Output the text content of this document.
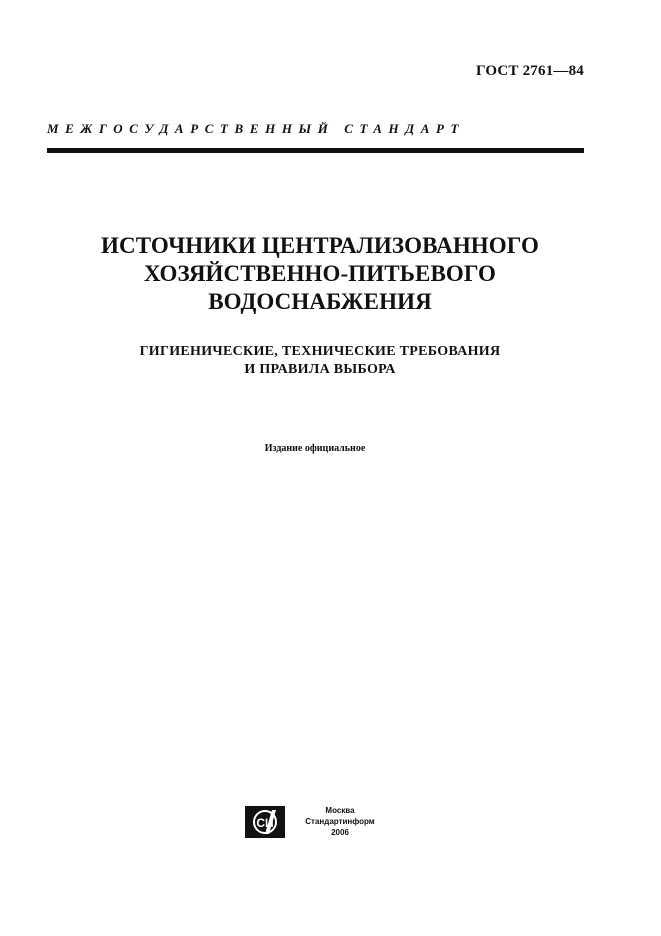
ГОСТ 2761—84
МЕЖГОСУДАРСТВЕННЫЙ СТАНДАРТ
ИСТОЧНИКИ ЦЕНТРАЛИЗОВАННОГО
ХОЗЯЙСТВЕННО-ПИТЬЕВОГО
ВОДОСНАБЖЕНИЯ
ГИГИЕНИЧЕСКИЕ, ТЕХНИЧЕСКИЕ ТРЕБОВАНИЯ
И ПРАВИЛА ВЫБОРА
Издание официальное
СИ
Москва
Стандартинформ
2006
